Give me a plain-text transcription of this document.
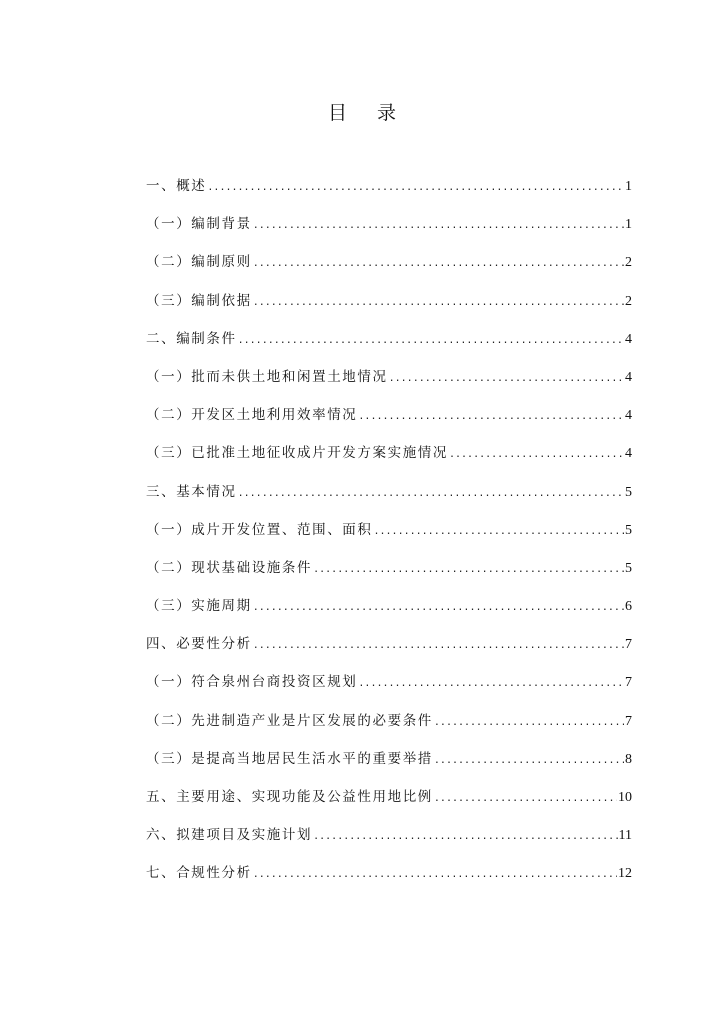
目 录
一、概述 .....	1
（一）编制背景 .....	1
（二）编制原则 .....	2
（三）编制依据 .....	2
二、编制条件 .....	4
（一）批而未供土地和闲置土地情况 .....	4
（二）开发区土地利用效率情况 .....	4
（三）已批准土地征收成片开发方案实施情况 .....	4
三、基本情况 .....	5
（一）成片开发位置、范围、面积 .....	5
（二）现状基础设施条件 .....	5
（三）实施周期 .....	6
四、必要性分析 .....	7
（一）符合泉州台商投资区规划 .....	7
（二）先进制造产业是片区发展的必要条件 .....	7
（三）是提高当地居民生活水平的重要举措 .....	8
五、主要用途、实现功能及公益性用地比例 .....	10
六、拟建项目及实施计划 .....	11
七、合规性分析 .....	12
